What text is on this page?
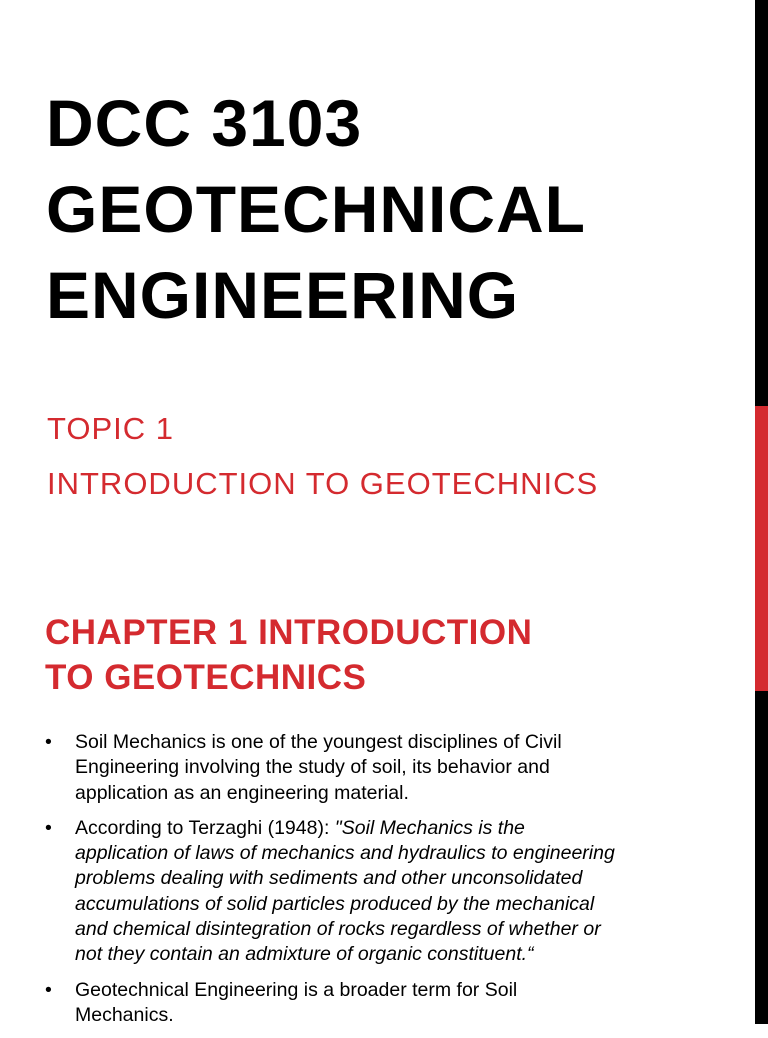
DCC 3103
GEOTECHNICAL
ENGINEERING

TOPIC 1

INTRODUCTION TO GEOTECHNICS

CHAPTER 1 INTRODUCTION
TO GEOTECHNICS
• Soil Mechanics is one of the youngest disciplines of Civil
Engineering involving the study of soil, its behavior and
application as an engineering material.
• According to Terzaghi (1948): "Soil Mechanics is the
application of laws of mechanics and hydraulics to engineering
problems dealing with sediments and other unconsolidated
accumulations of solid particles produced by the mechanical
and chemical disintegration of rocks regardless of whether or
not they contain an admixture of organic constituent.“
• Geotechnical Engineering is a broader term for Soil
Mechanics.
